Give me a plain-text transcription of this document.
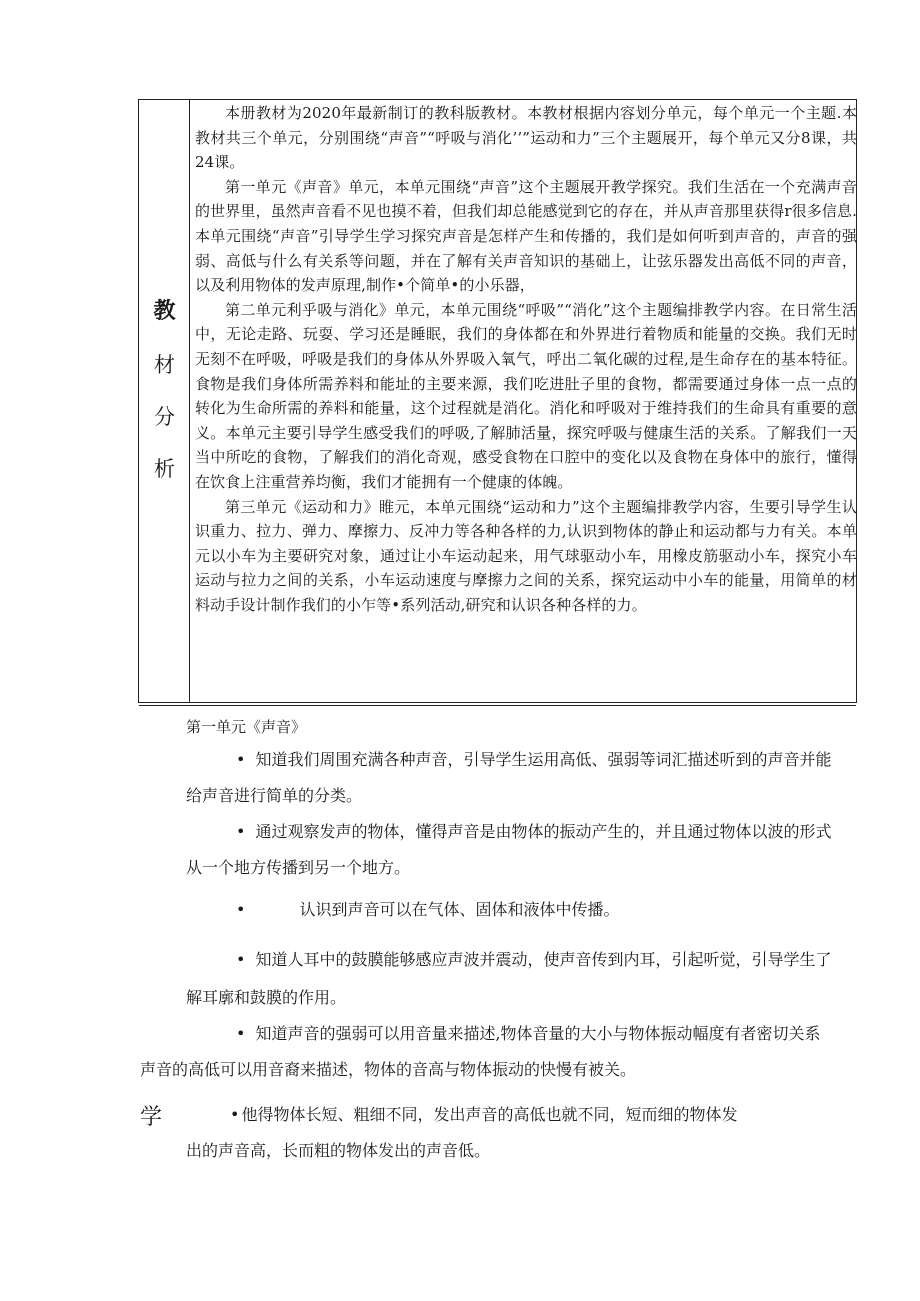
教
材
分
析

本册教材为2020年最新制订的教科版教材。本教材根据内容划分单元，每个单元一个主题.本教材共三个单元，分别围绕“声音”“呼吸与消化’’”运动和力”三个主题展开，每个单元又分8课，共24课。

第一单元《声音》单元，本单元围绕“声音”这个主题展开教学探究。我们生活在一个充满声音的世界里，虽然声音看不见也摸不着，但我们却总能感觉到它的存在，并从声音那里获得r很多信息.本单元围绕“声音”引导学生学习探究声音是怎样产生和传播的，我们是如何听到声音的，声音的强弱、高低与什么有关系等问题，并在了解有关声音知识的基础上，让弦乐器发出高低不同的声音，以及利用物体的发声原理,制作•个简单•的小乐器，

第二单元利乎吸与消化》单元，本单元围绕“呼吸”“消化”这个主题编排教学内容。在日常生活中，无论走路、玩耍、学习还是睡眠，我们的身体都在和外界进行着物质和能量的交换。我们无时无刻不在呼吸，呼吸是我们的身体从外界吸入氧气，呼出二氧化碳的过程,是生命存在的基本特征。食物是我们身体所需养料和能址的主要来源，我们吃进肚子里的食物，都需要通过身体一点一点的转化为生命所需的养料和能量，这个过程就是消化。消化和呼吸对于维持我们的生命具有重要的意义。本单元主要引导学生感受我们的呼吸,了解肺活量，探究呼吸与健康生活的关系。了解我们一天当中所吃的食物，了解我们的消化奇观，感受食物在口腔中的变化以及食物在身体中的旅行，懂得在饮食上注重营养均衡，我们才能拥有一个健康的体魄。

第三单元《运动和力》睢元，本单元围绕“运动和力”这个主题编排教学内容，生要引导学生认识重力、拉力、弹力、摩擦力、反冲力等各种各样的力,认识到物体的静止和运动都与力有关。本单元以小车为主要研究对象，通过让小车运动起来，用气球驱动小车，用橡皮筋驱动小车，探究小车运动与拉力之间的关系，小车运动速度与摩擦力之间的关系，探究运动中小车的能量，用简单的材料动手设计制作我们的小乍等•系列活动,研究和认识各种各样的力。

第一单元《声音》
• 知道我们周围充满各种声音，引导学生运用高低、强弱等词汇描述听到的声音并能
给声音进行简单的分类。
• 通过观察发声的物体，懂得声音是由物体的振动产生的，并且通过物体以波的形式
从一个地方传播到另一个地方。
•	认识到声音可以在气体、固体和液体中传播。
• 知道人耳中的鼓膜能够感应声波并震动，使声音传到内耳，引起听觉，引导学生了
解耳廓和鼓膜的作用。
• 知道声音的强弱可以用音量来描述,物体音量的大小与物体振动幅度有者密切关系
声音的高低可以用音裔来描述，物体的音高与物体振动的快慢有被关。
学	• 他得物体长短、粗细不同，发出声音的高低也就不同，短而细的物体发
出的声音高，长而粗的物体发出的声音低。
